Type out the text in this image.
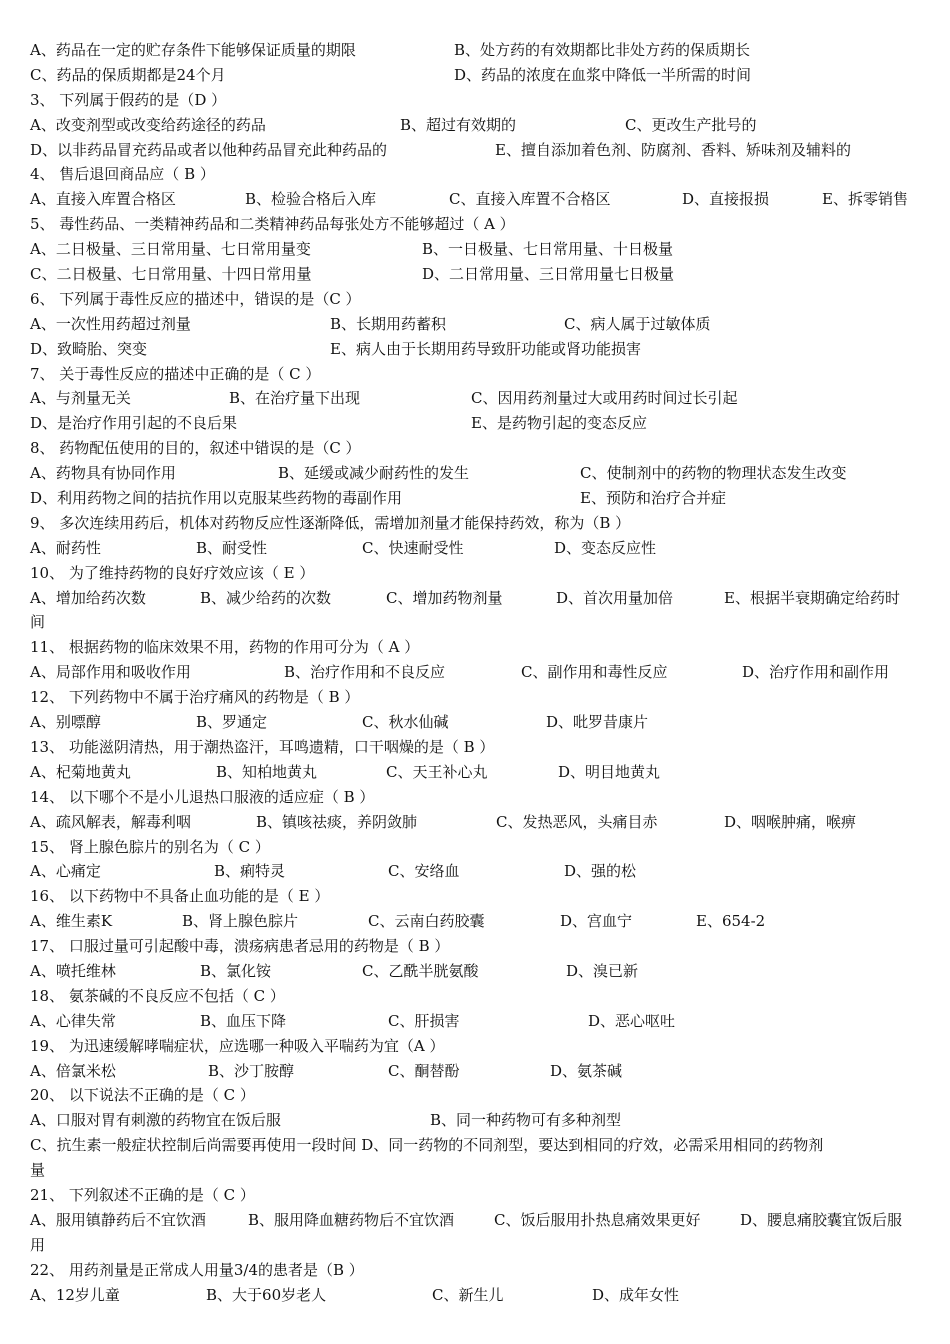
A、药品在一定的贮存条件下能够保证质量的期限	B、处方药的有效期都比非处方药的保质期长
C、药品的保质期都是24个月	D、药品的浓度在血浆中降低一半所需的时间
3、 下列属于假药的是（D ）
A、改变剂型或改变给药途径的药品	B、超过有效期的	C、更改生产批号的
D、以非药品冒充药品或者以他种药品冒充此种药品的	E、擅自添加着色剂、防腐剂、香料、矫味剂及辅料的
4、 售后退回商品应（ B ）
A、直接入库置合格区	B、检验合格后入库	C、直接入库置不合格区	D、直接报损	E、拆零销售
5、 毒性药品、一类精神药品和二类精神药品每张处方不能够超过（ A ）
A、二日极量、三日常用量、七日常用量变	B、一日极量、七日常用量、十日极量
C、二日极量、七日常用量、十四日常用量	D、二日常用量、三日常用量七日极量
6、 下列属于毒性反应的描述中，错误的是（C ）
A、一次性用药超过剂量	B、长期用药蓄积	C、病人属于过敏体质
D、致畸胎、突变	E、病人由于长期用药导致肝功能或肾功能损害
7、 关于毒性反应的描述中正确的是（ C ）
A、与剂量无关	B、在治疗量下出现	C、因用药剂量过大或用药时间过长引起
D、是治疗作用引起的不良后果	E、是药物引起的变态反应
8、 药物配伍使用的目的，叙述中错误的是（C ）
A、药物具有协同作用	B、延缓或减少耐药性的发生	C、使制剂中的药物的物理状态发生改变
D、利用药物之间的拮抗作用以克服某些药物的毒副作用	E、预防和治疗合并症
9、 多次连续用药后，机体对药物反应性逐渐降低，需增加剂量才能保持药效，称为（B ）
A、耐药性	B、耐受性	C、快速耐受性	D、变态反应性
10、 为了维持药物的良好疗效应该（ E ）
A、增加给药次数	B、减少给药的次数	C、增加药物剂量	D、首次用量加倍	E、根据半衰期确定给药时
间
11、 根据药物的临床效果不用，药物的作用可分为（ A ）
A、局部作用和吸收作用	B、治疗作用和不良反应	C、副作用和毒性反应	D、治疗作用和副作用
12、 下列药物中不属于治疗痛风的药物是（ B ）
A、别嘌醇	B、罗通定	C、秋水仙碱	D、吡罗昔康片
13、 功能滋阴清热，用于潮热盗汗，耳鸣遗精，口干咽燥的是（ B ）
A、杞菊地黄丸	B、知柏地黄丸	C、天王补心丸	D、明目地黄丸
14、 以下哪个不是小儿退热口服液的适应症（ B ）
A、疏风解表，解毒利咽	B、镇咳祛痰，养阴敛肺	C、发热恶风，头痛目赤	D、咽喉肿痛，喉痹
15、 肾上腺色腙片的别名为（ C ）
A、心痛定	B、痢特灵	C、安络血	D、强的松
16、 以下药物中不具备止血功能的是（ E ）
A、维生素K	B、肾上腺色腙片	C、云南白药胶囊	D、宫血宁	E、654-2
17、 口服过量可引起酸中毒，溃疡病患者忌用的药物是（ B ）
A、喷托维林	B、氯化铵	C、乙酰半胱氨酸	D、溴已新
18、 氨茶碱的不良反应不包括（ C ）
A、心律失常	B、血压下降	C、肝损害	D、恶心呕吐
19、 为迅速缓解哮喘症状，应选哪一种吸入平喘药为宜（A ）
A、倍氯米松	B、沙丁胺醇	C、酮替酚	D、氨茶碱
20、 以下说法不正确的是（ C ）
A、口服对胃有刺激的药物宜在饭后服	B、同一种药物可有多种剂型
C、抗生素一般症状控制后尚需要再使用一段时间 D、同一药物的不同剂型，要达到相同的疗效，必需采用相同的药物剂
量
21、 下列叙述不正确的是（ C ）
A、服用镇静药后不宜饮酒	B、服用降血糖药物后不宜饮酒	C、饭后服用扑热息痛效果更好	D、腰息痛胶囊宜饭后服
用
22、 用药剂量是正常成人用量3/4的患者是（B ）
A、12岁儿童	B、大于60岁老人	C、新生儿	D、成年女性
